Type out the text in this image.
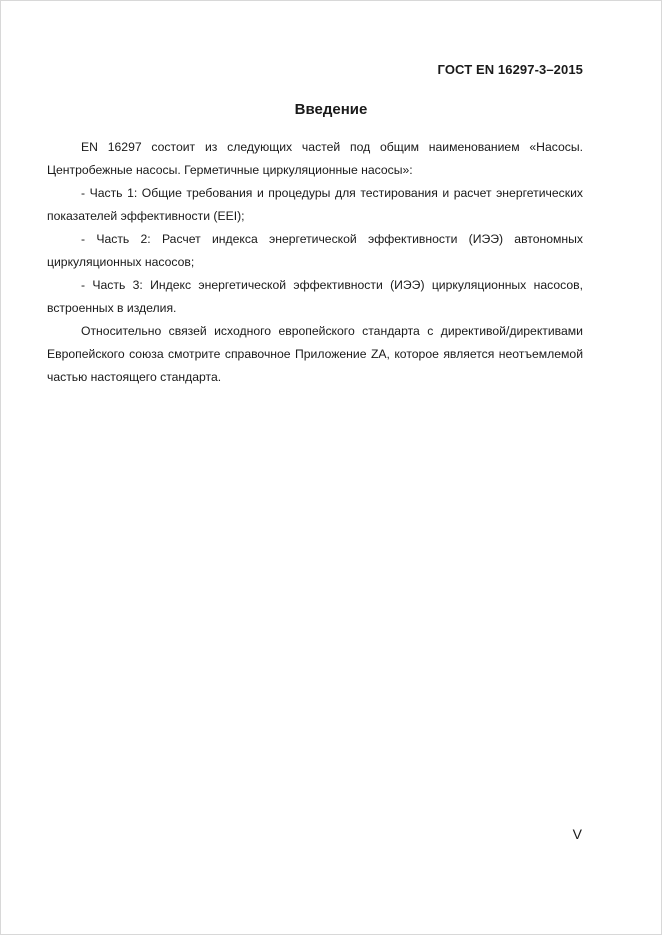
ГОСТ EN 16297-3–2015
Введение

EN 16297 состоит из следующих частей под общим наименованием «Насосы. Центробежные насосы. Герметичные циркуляционные насосы»:

- Часть 1: Общие требования и процедуры для тестирования и расчет энергетических показателей эффективности (EEI);

- Часть 2: Расчет индекса энергетической эффективности (ИЭЭ) автономных циркуляционных насосов;

- Часть 3: Индекс энергетической эффективности (ИЭЭ) циркуляционных насосов, встроенных в изделия.

Относительно связей исходного европейского стандарта с директивой/директивами Европейского союза смотрите справочное Приложение ZA, которое является неотъемлемой частью настоящего стандарта.

V
